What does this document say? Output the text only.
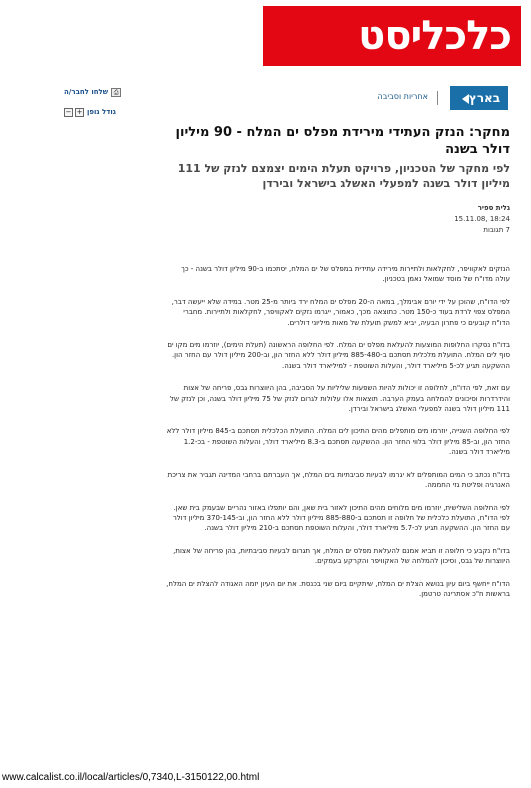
כלכליסט
⎙
שלחו לחבר/ה
גודל גופן
+
−
בארץ
אחריות וסביבה
מחקר: הנזק העתידי מירידת מפלס ים המלח - 90 מיליון דולר בשנה
לפי מחקר של הטכניון, פרויקט תעלת הימים יצמצם לנזק של 111 מיליון דולר בשנה למפעלי האשלג בישראל ובירדן
גלית ספיר
18:24 ,15.11.08
7 תגובות

הנזקים לאקוויפר, לחקלאות ולתיירות מירידה עתידית במפלס של ים המלח, יסתכמו ב-90 מיליון דולר בשנה - כך עולה מדו"ח של מוסד שמואל נאמן בטכניון.

לפי הדו"ח, שהוכן על ידי יורם אבימלך, במאה ה-20 מפלס ים המלח ירד ביותר מ-25 מטר. במידה שלא ייעשה דבר, המפלס צפוי לרדת בעוד כ-150 מטר. כתוצאה מכך, כאמור, ייגרמו נזקים לאקוויפר, לחקלאות ולתיירות. מחברי הדו"ח קובעים כי פתרון הבעיה, יביא למשק תועלת של מאות מיליוני דולרים.

בדו"ח נסקרו החלופות המוצעות להעלאת מפלס ים המלח. לפי החלופה הראשונה (תעלת הימים), יוזרמו מים מקו ים סוף לים המלח. התועלת מלכלית תסתכם ב-885-480 מיליון דולר ללא החזר הון, וב-200 מיליון דולר עם החזר הון. ההשקעה תגיע לכ-5 מיליארד דולר, והעלות השוטפת - למיליארד דולר בשנה.

עם זאת, לפי הדו"ח, לחלופה זו יכולות להיות השפעות שליליות על הסביבה, בהן היווצרות גבס, פריחה של אצות והידרדרות וסיכונים להמלחה בעמק הערבה. תוצאות אלו עלולות לגרום לנזק של 75 מיליון דולר בשנה, וכן לנזק של 111 מיליון דולר בשנה למפעלי האשלג בישראל ובירדן.

לפי החלופה השנייה, יוזרמו מים מותפלים מהים התיכון לים המלח. התועלת הכלכלית תסתכם ב-845 מיליון דולר ללא החזר הון, וב-85 מיליון דולר בלווי החזר הון. ההשקעה תסתכם ב-8.3 מיליארד דולר, והעלות השוטפת - בכ-1.2 מיליארד דולר בשנה.

בדו"ח נכתב כי המים המותפלים לא יגרמו לבעיות סביבתיות בים המלח, אך העברתם ברחבי המדינה תגביר את צריכת האנרגיה ופליטת גזי החממה.

לפי החלופה השלישית, יוזרמו מים מלוחים מהים התיכון לאזור בית שאן, והם יותפלו באזור נהריים שבעמק בית שאן. לפי הדו"ח, התועלת כלכלית של חלופה זו תסתכם ב-885-880 מיליון דולר ללא החזר הון, וב-370-145 מיליון דולר עם החזר הון. ההשקעה תגיע לכ-5.7 מיליארד דולר, והעלות השוטפת תסתכם ב-210 מיליון דולר בשנה.

בדו"ח נקבע כי חלופה זו תביא אמנם להעלאת מפלס ים המלח, אך תגרום לבעיות סביבתיות, בהן פריחה של אצות, היווצרות של גבס, וסיכון להמלחה של האקוויפר והקרקע בעמקים.

הדו"ח ייחשף ביום עיון בנושא הצלת ים המלח, שיתקיים ביום שני בכנסת. את יום העיון יזמה האגודה להצלת ים המלח, בראשות ח"כ אסתרינה טרטמן.

www.calcalist.co.il/local/articles/0,7340,L-3150122,00.html
